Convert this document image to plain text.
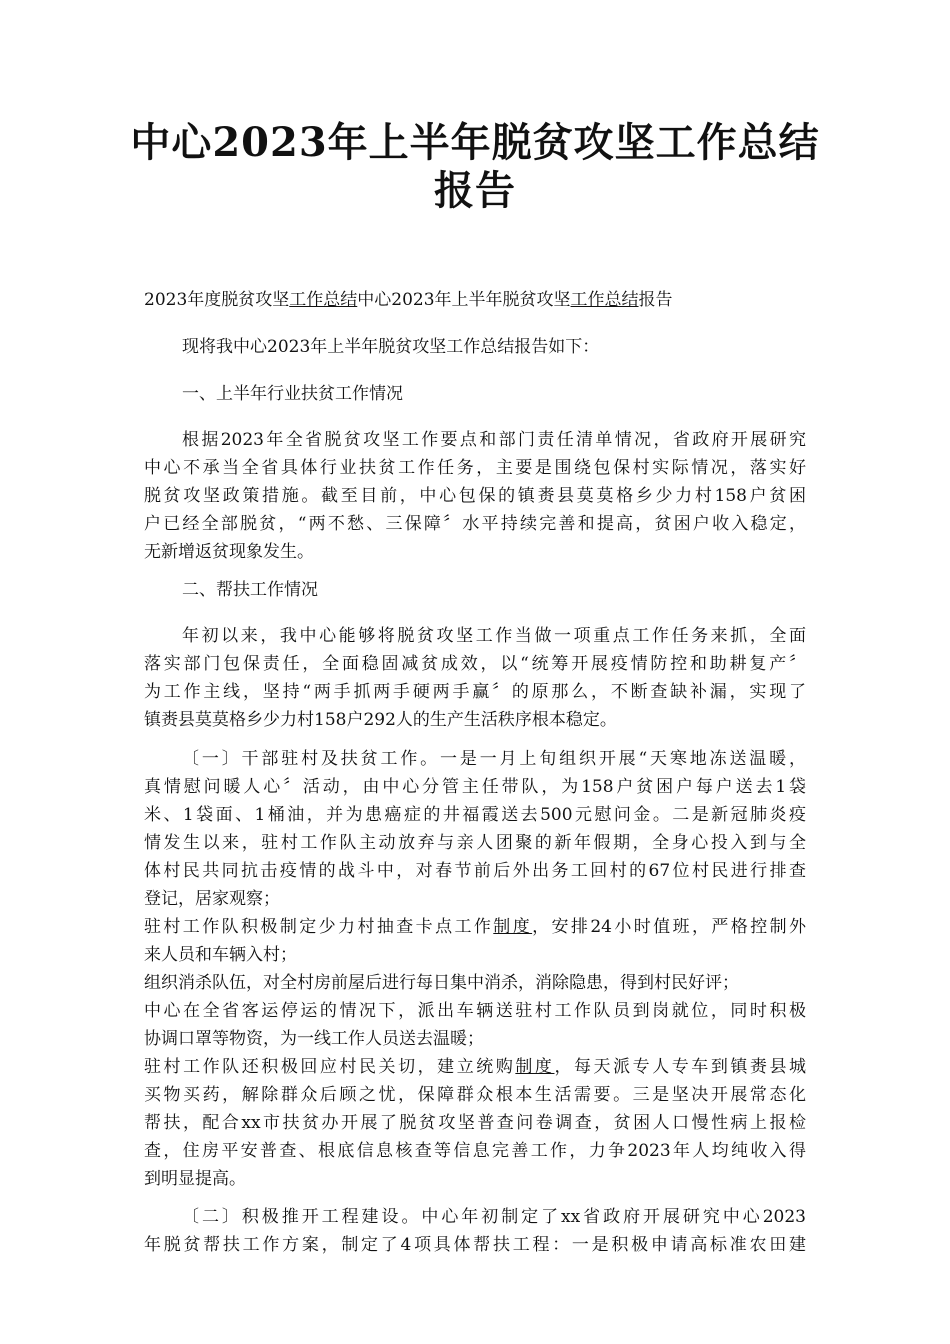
中心2023年上半年脱贫攻坚工作总结
报告
2023年度脱贫攻坚工作总结中心2023年上半年脱贫攻坚工作总结报告
现将我中心2023年上半年脱贫攻坚工作总结报告如下：
一、上半年行业扶贫工作情况
根据2023年全省脱贫攻坚工作要点和部门责任清单情况，省政府开展研究
中心不承当全省具体行业扶贫工作任务，主要是围绕包保村实际情况，落实好
脱贫攻坚政策措施。截至目前，中心包保的镇赉县莫莫格乡少力村158户贫困
户已经全部脱贫，“两不愁、三保障〞水平持续完善和提高，贫困户收入稳定，
无新增返贫现象发生。
二、帮扶工作情况
年初以来，我中心能够将脱贫攻坚工作当做一项重点工作任务来抓，全面
落实部门包保责任，全面稳固减贫成效，以“统筹开展疫情防控和助耕复产〞
为工作主线，坚持“两手抓两手硬两手赢〞的原那么，不断查缺补漏，实现了
镇赉县莫莫格乡少力村158户292人的生产生活秩序根本稳定。
〔一〕干部驻村及扶贫工作。一是一月上旬组织开展“天寒地冻送温暖，
真情慰问暖人心〞活动，由中心分管主任带队，为158户贫困户每户送去1袋
米、1袋面、1桶油，并为患癌症的井福霞送去500元慰问金。二是新冠肺炎疫
情发生以来，驻村工作队主动放弃与亲人团聚的新年假期，全身心投入到与全
体村民共同抗击疫情的战斗中，对春节前后外出务工回村的67位村民进行排查
登记，居家观察；
驻村工作队积极制定少力村抽查卡点工作制度，安排24小时值班，严格控制外
来人员和车辆入村；
组织消杀队伍，对全村房前屋后进行每日集中消杀，消除隐患，得到村民好评；
中心在全省客运停运的情况下，派出车辆送驻村工作队员到岗就位，同时积极
协调口罩等物资，为一线工作人员送去温暖；
驻村工作队还积极回应村民关切，建立统购制度，每天派专人专车到镇赉县城
买物买药，解除群众后顾之忧，保障群众根本生活需要。三是坚决开展常态化
帮扶，配合xx市扶贫办开展了脱贫攻坚普查问卷调查，贫困人口慢性病上报检
查，住房平安普查、根底信息核查等信息完善工作，力争2023年人均纯收入得
到明显提高。
〔二〕积极推开工程建设。中心年初制定了xx省政府开展研究中心2023
年脱贫帮扶工作方案，制定了4项具体帮扶工程：一是积极申请高标准农田建
